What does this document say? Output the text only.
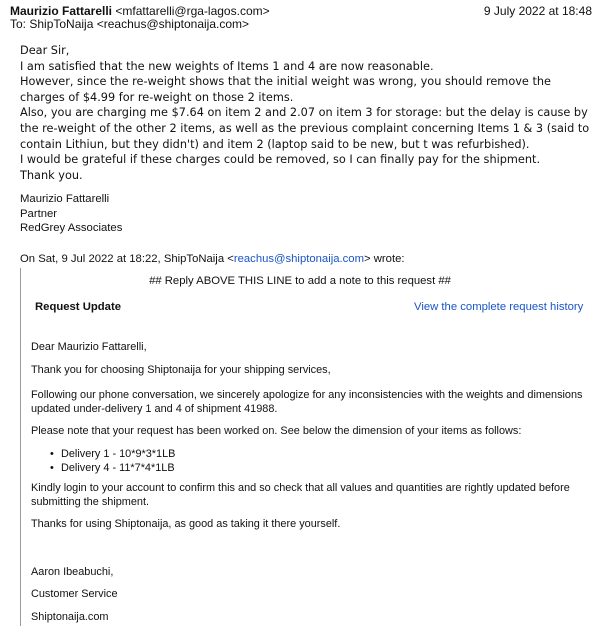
Maurizio Fattarelli <mfattarelli@rga-lagos.com>	9 July 2022 at 18:48
To: ShipToNaija <reachus@shiptonaija.com>

Dear Sir,

I am satisfied that the new weights of Items 1 and 4 are now reasonable.

However, since the re-weight shows that the initial weight was wrong, you should remove the charges of $4.99 for re-weight on those 2 items.

Also, you are charging me $7.64 on item 2 and 2.07 on item 3 for storage: but the delay is cause by the re-weight of the other 2 items, as well as the previous complaint concerning Items 1 & 3 (said to contain Lithiun, but they didn't) and item 2 (laptop said to be new, but t was refurbished).

I would be grateful if these charges could be removed, so I can finally pay for the shipment.

Thank you.

Maurizio Fattarelli
Partner
RedGrey Associates
On Sat, 9 Jul 2022 at 18:22, ShipToNaija <reachus@shiptonaija.com> wrote:
## Reply ABOVE THIS LINE to add a note to this request ##
Request Update	View the complete request history

Dear Maurizio Fattarelli,

Thank you for choosing Shiptonaija for your shipping services,

Following our phone conversation, we sincerely apologize for any inconsistencies with the weights and dimensions updated under-delivery 1 and 4 of shipment 41988.

Please note that your request has been worked on. See below the dimension of your items as follows:

• Delivery 1 - 10*9*3*1LB
• Delivery 4 - 11*7*4*1LB

Kindly login to your account to confirm this and so check that all values and quantities are rightly updated before submitting the shipment.

Thanks for using Shiptonaija, as good as taking it there yourself.

Aaron Ibeabuchi,
Customer Service
Shiptonaija.com
